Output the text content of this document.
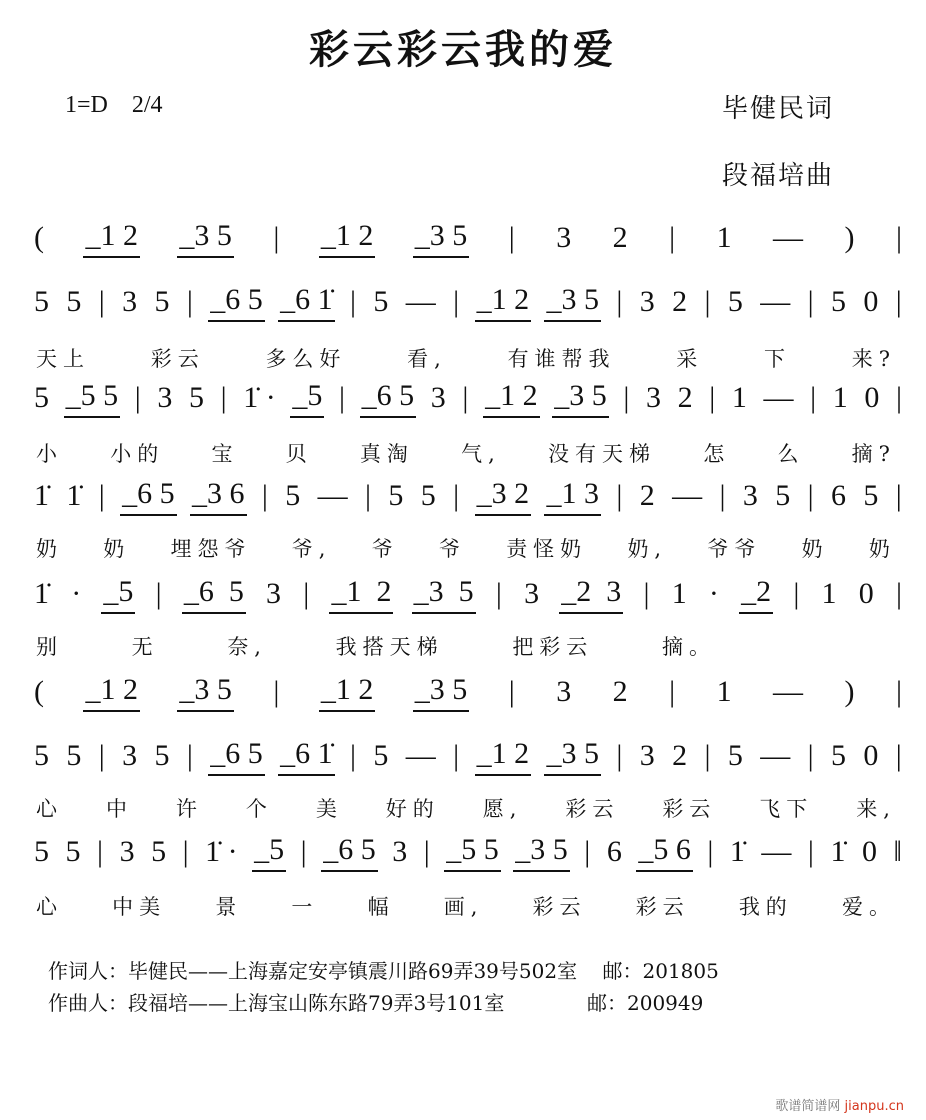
彩云彩云我的爱
1=D 2/4	毕健民词
段福培曲
( _1 2 _3 5 | _1 2 _3 5 | 3 2 | 1 — ) |
5 5 | 3 5 | _6 5 _6 1̇ | 5 — | _1 2 _3 5 | 3 2 | 5 — | 5 0 |
天上	彩云	多么好	看,	有谁帮我	采	下	来?
5 _5 5 | 3 5 | 1̇ · _5 | _6 5 3 | _1 2 _3 5 | 3 2 | 1 — | 1 0 |
小 小的 宝 贝 真淘 气, 没有天梯 怎 么 摘?
1̇ 1̇ | _6 5 _3 6 | 5 — | 5 5 | _3 2 _1 3 | 2 — | 3 5 | 6 5 |
奶 奶 埋怨爷 爷, 爷 爷 责怪奶 奶, 爷爷 奶 奶
1̇ · _5 | _6  5 3 | _1  2 _3  5 | 3 _2  3 | 1 · _2 | 1 0 |
别	无	奈,	我搭天梯	把彩云	摘。
( _1 2 _3 5 | _1 2 _3 5 | 3 2 | 1 — ) |
5 5 | 3 5 | _6 5 _6 1̇ | 5 — | _1 2 _3 5 | 3 2 | 5 — | 5 0 |
心 中 许 个 美 好的 愿, 彩云 彩云 飞下 来,
5 5 | 3 5 | 1̇ · _5 | _6 5 3 | _5 5 _3 5 | 6 _5 6 | 1̇ — | 1̇ 0 ‖
心 中美 景 一 幅 画, 彩云 彩云 我的 爱。
作词人：毕健民——上海嘉定安亭镇震川路69弄39号502室    邮：201805
作曲人：段福培——上海宝山陈东路79弄3号101室             邮：200949
歌谱简谱网 jianpu.cn
